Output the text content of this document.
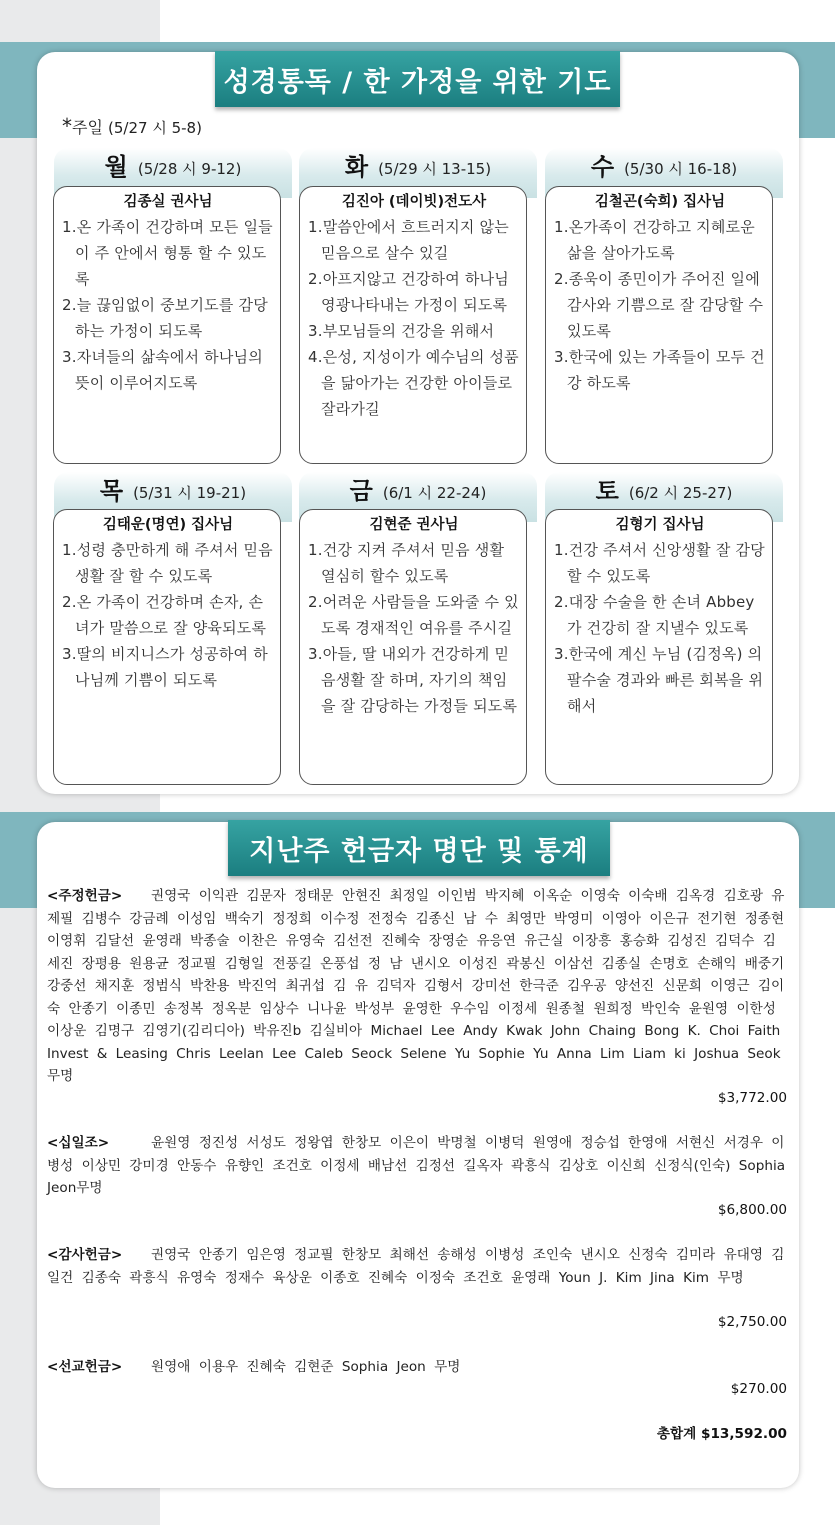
성경통독 / 한 가정을 위한 기도
*주일 (5/27 시 5-8)
월 (5/28 시 9-12)
김종실 권사님
1.온 가족이 건강하며 모든 일들이 주 안에서 형통 할 수 있도록
2.늘 끊임없이 중보기도를 감당하는 가정이 되도록
3.자녀들의 삶속에서 하나님의 뜻이 이루어지도록
화 (5/29 시 13-15)
김진아 (데이빗)전도사
1.말씀안에서 흐트러지지 않는 믿음으로 살수 있길
2.아프지않고 건강하여 하나님 영광나타내는 가정이 되도록
3.부모님들의 건강을 위해서
4.은성, 지성이가 예수님의 성품을 닮아가는 건강한 아이들로 잘라가길
수 (5/30 시 16-18)
김철곤(숙희) 집사님
1.온가족이 건강하고 지혜로운 삶을 살아가도록
2.종욱이 종민이가 주어진 일에 감사와 기쁨으로 잘 감당할 수 있도록
3.한국에 있는 가족들이 모두 건강 하도록
목 (5/31 시 19-21)
김태운(명연) 집사님
1.성령 충만하게 해 주셔서 믿음 생활 잘 할 수 있도록
2.온 가족이 건강하며 손자, 손녀가 말씀으로 잘 양육되도록
3.딸의 비지니스가 성공하여 하나님께 기쁨이 되도록
금 (6/1 시 22-24)
김현준 권사님
1.건강 지켜 주셔서 믿음 생활 열심히 할수 있도록
2.어려운 사람들을 도와줄 수 있도록 경재적인 여유를 주시길
3.아들, 딸 내외가 건강하게 믿음생활 잘 하며, 자기의 책임을 잘 감당하는 가정들 되도록
토 (6/2 시 25-27)
김형기 집사님
1.건강 주셔서 신앙생활 잘 감당할 수 있도록
2.대장 수술을 한 손녀 Abbey 가 건강히 잘 지낼수 있도록
3.한국에 계신 누님 (김정옥) 의 팔수술 경과와 빠른 회복을 위해서
지난주 헌금자 명단 및 통계
<주정헌금> 권영국 이익관 김문자 정태문 안현진 최정일 이인범 박지혜 이옥순 이영숙 이숙배 김옥경 김호광 유제필 김병수 강금례 이성임 백숙기 정정희 이수정 전정숙 김종신 남 수 최영만 박영미 이영아 이은규 전기현 정종현 이영휘 김달선 윤영래 박종술 이찬은 유영숙 김선전 진혜숙 장영순 유응연 유근실 이장흥 홍승화 김성진 김덕수 김세진 장평용 원용균 정교필 김형일 전풍길 온풍섭 정 남 낸시오 이성진 곽봉신 이삼선 김종실 손명호 손해익 배중기 강중선 채지훈 정범식 박찬용 박진억 최귀섭 김 유 김덕자 김형서 강미선 한극준 김우공 양선진 신문희 이영근 김이숙 안종기 이종민 송정복 정옥분 임상수 니나윤 박성부 윤영한 우수임 이정세 원종철 원희정 박인숙 윤원영 이한성 이상운 김명구 김영기(김리디아) 박유진b 김실비아 Michael Lee Andy Kwak John Chaing Bong K. Choi Faith Invest & Leasing Chris Leelan Lee Caleb Seock Selene Yu Sophie Yu Anna Lim Liam ki Joshua Seok 무명
$3,772.00
<십일조>	윤원영 정진성 서성도 정왕엽 한창모 이은이 박명철 이병덕 원영애 정승섭 한영애 서현신 서경우 이병성 이상민 강미경 안동수 유향인 조건호 이정세 배남선 김정선 길옥자 곽흥식 김상호 이신희 신정식(인숙) Sophia Jeon무명
$6,800.00
<감사헌금> 권영국 안종기 임은영 정교필 한창모 최해선 송해성 이병성 조인숙 낸시오 신정숙 김미라 유대영 김일건 김종숙 곽흥식 유영숙 정재수 육상운 이종호 진혜숙 이정숙 조건호 윤영래 Youn J. Kim Jina Kim 무명
$2,750.00
<선교헌금> 원영애 이용우 진혜숙 김현준 Sophia Jeon 무명
$270.00
총합계 $13,592.00
